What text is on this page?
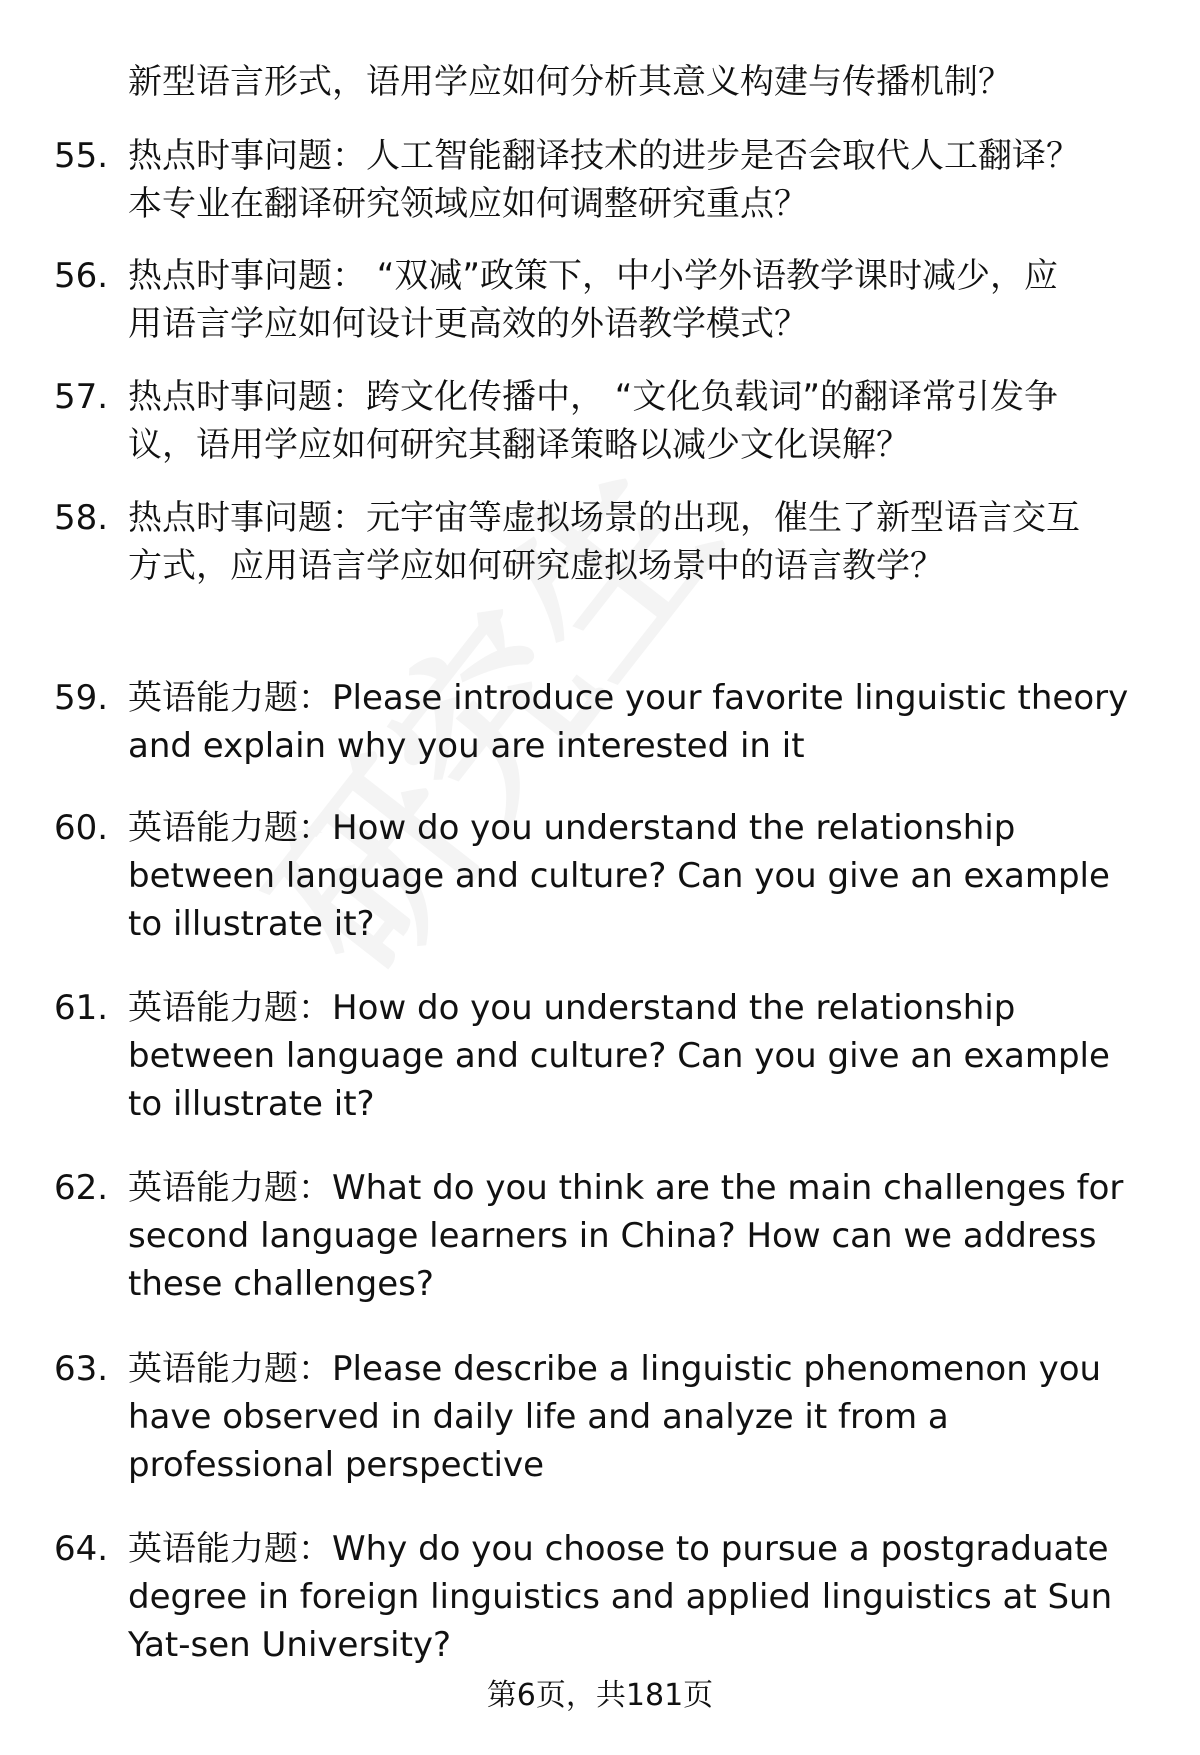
新型语言形式，语用学应如何分析其意义构建与传播机制？
55. 热点时事问题：人工智能翻译技术的进步是否会取代人工翻译？
本专业在翻译研究领域应如何调整研究重点？
56. 热点时事问题： “双减”政策下，中小学外语教学课时减少，应
用语言学应如何设计更高效的外语教学模式？
57. 热点时事问题：跨文化传播中， “文化负载词”的翻译常引发争
议，语用学应如何研究其翻译策略以减少文化误解？
58. 热点时事问题：元宇宙等虚拟场景的出现，催生了新型语言交互
方式，应用语言学应如何研究虚拟场景中的语言教学？
59. 英语能力题：Please introduce your favorite linguistic theory
and explain why you are interested in it
60. 英语能力题：How do you understand the relationship
between language and culture? Can you give an example
to illustrate it?
61. 英语能力题：How do you understand the relationship
between language and culture? Can you give an example
to illustrate it?
62. 英语能力题：What do you think are the main challenges for
second language learners in China? How can we address
these challenges?
63. 英语能力题：Please describe a linguistic phenomenon you
have observed in daily life and analyze it from a
professional perspective
64. 英语能力题：Why do you choose to pursue a postgraduate
degree in foreign linguistics and applied linguistics at Sun
Yat-sen University?
第6页，共181页
